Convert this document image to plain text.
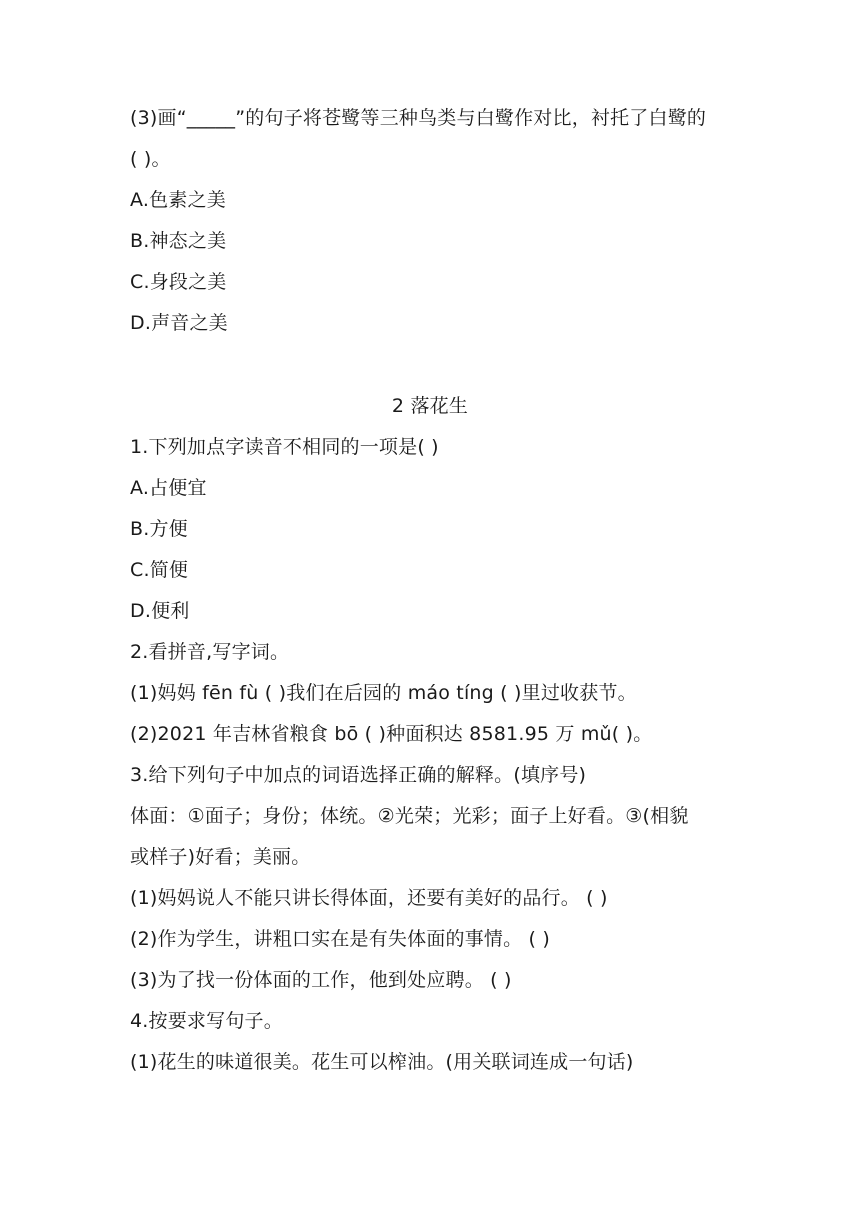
(3)画“_____”的句子将苍鹭等三种鸟类与白鹭作对比，衬托了白鹭的
( )。
A.色素之美
B.神态之美
C.身段之美
D.声音之美
2 落花生
1.下列加点字读音不相同的一项是( )
A.占便宜
B.方便
C.简便
D.便利
2.看拼音,写字词。
(1)妈妈 fēn fù ( )我们在后园的 máo tíng ( )里过收获节。
(2)2021 年吉林省粮食 bō ( )种面积达 8581.95 万 mǔ( )。
3.给下列句子中加点的词语选择正确的解释。(填序号)
体面：①面子；身份；体统。②光荣；光彩；面子上好看。③(相貌
或样子)好看；美丽。
(1)妈妈说人不能只讲长得体面，还要有美好的品行。 ( )
(2)作为学生，讲粗口实在是有失体面的事情。 ( )
(3)为了找一份体面的工作，他到处应聘。 ( )
4.按要求写句子。
(1)花生的味道很美。花生可以榨油。(用关联词连成一句话)
